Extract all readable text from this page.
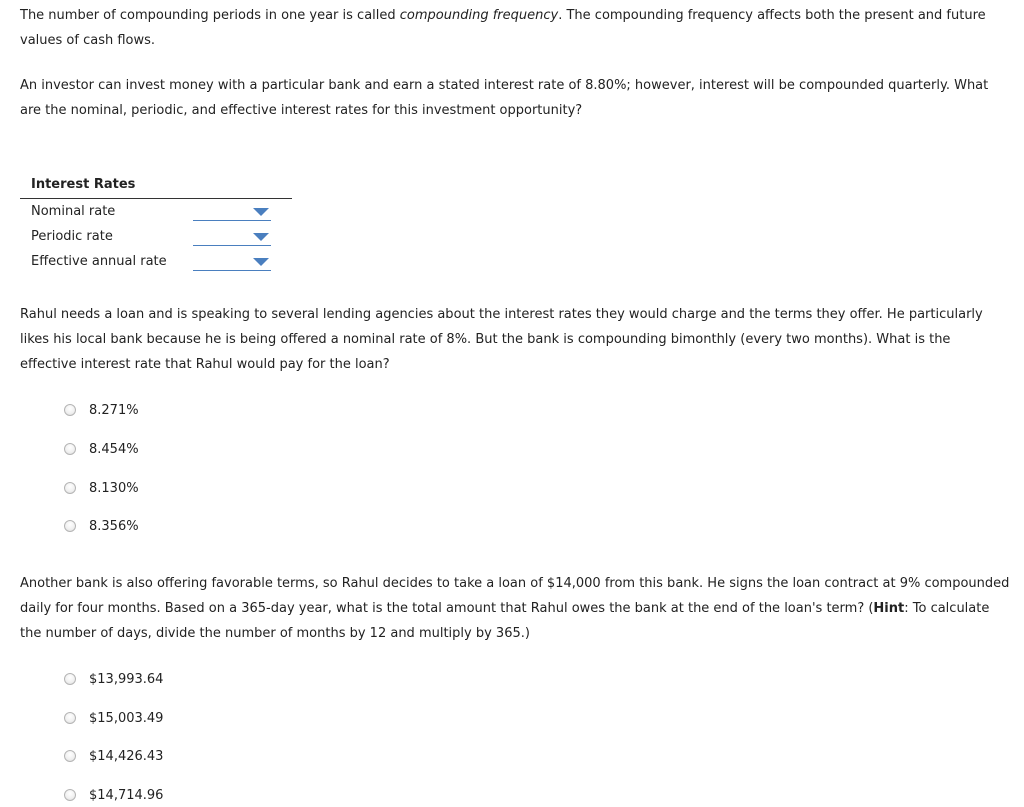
The number of compounding periods in one year is called compounding frequency. The compounding frequency affects both the present and future values of cash flows.

An investor can invest money with a particular bank and earn a stated interest rate of 8.80%; however, interest will be compounded quarterly. What are the nominal, periodic, and effective interest rates for this investment opportunity?

Interest Rates
Nominal rate
Periodic rate
Effective annual rate

Rahul needs a loan and is speaking to several lending agencies about the interest rates they would charge and the terms they offer. He particularly likes his local bank because he is being offered a nominal rate of 8%. But the bank is compounding bimonthly (every two months). What is the effective interest rate that Rahul would pay for the loan?

8.271%
8.454%
8.130%
8.356%

Another bank is also offering favorable terms, so Rahul decides to take a loan of $14,000 from this bank. He signs the loan contract at 9% compounded daily for four months. Based on a 365-day year, what is the total amount that Rahul owes the bank at the end of the loan's term? (Hint: To calculate the number of days, divide the number of months by 12 and multiply by 365.)

$13,993.64
$15,003.49
$14,426.43
$14,714.96
